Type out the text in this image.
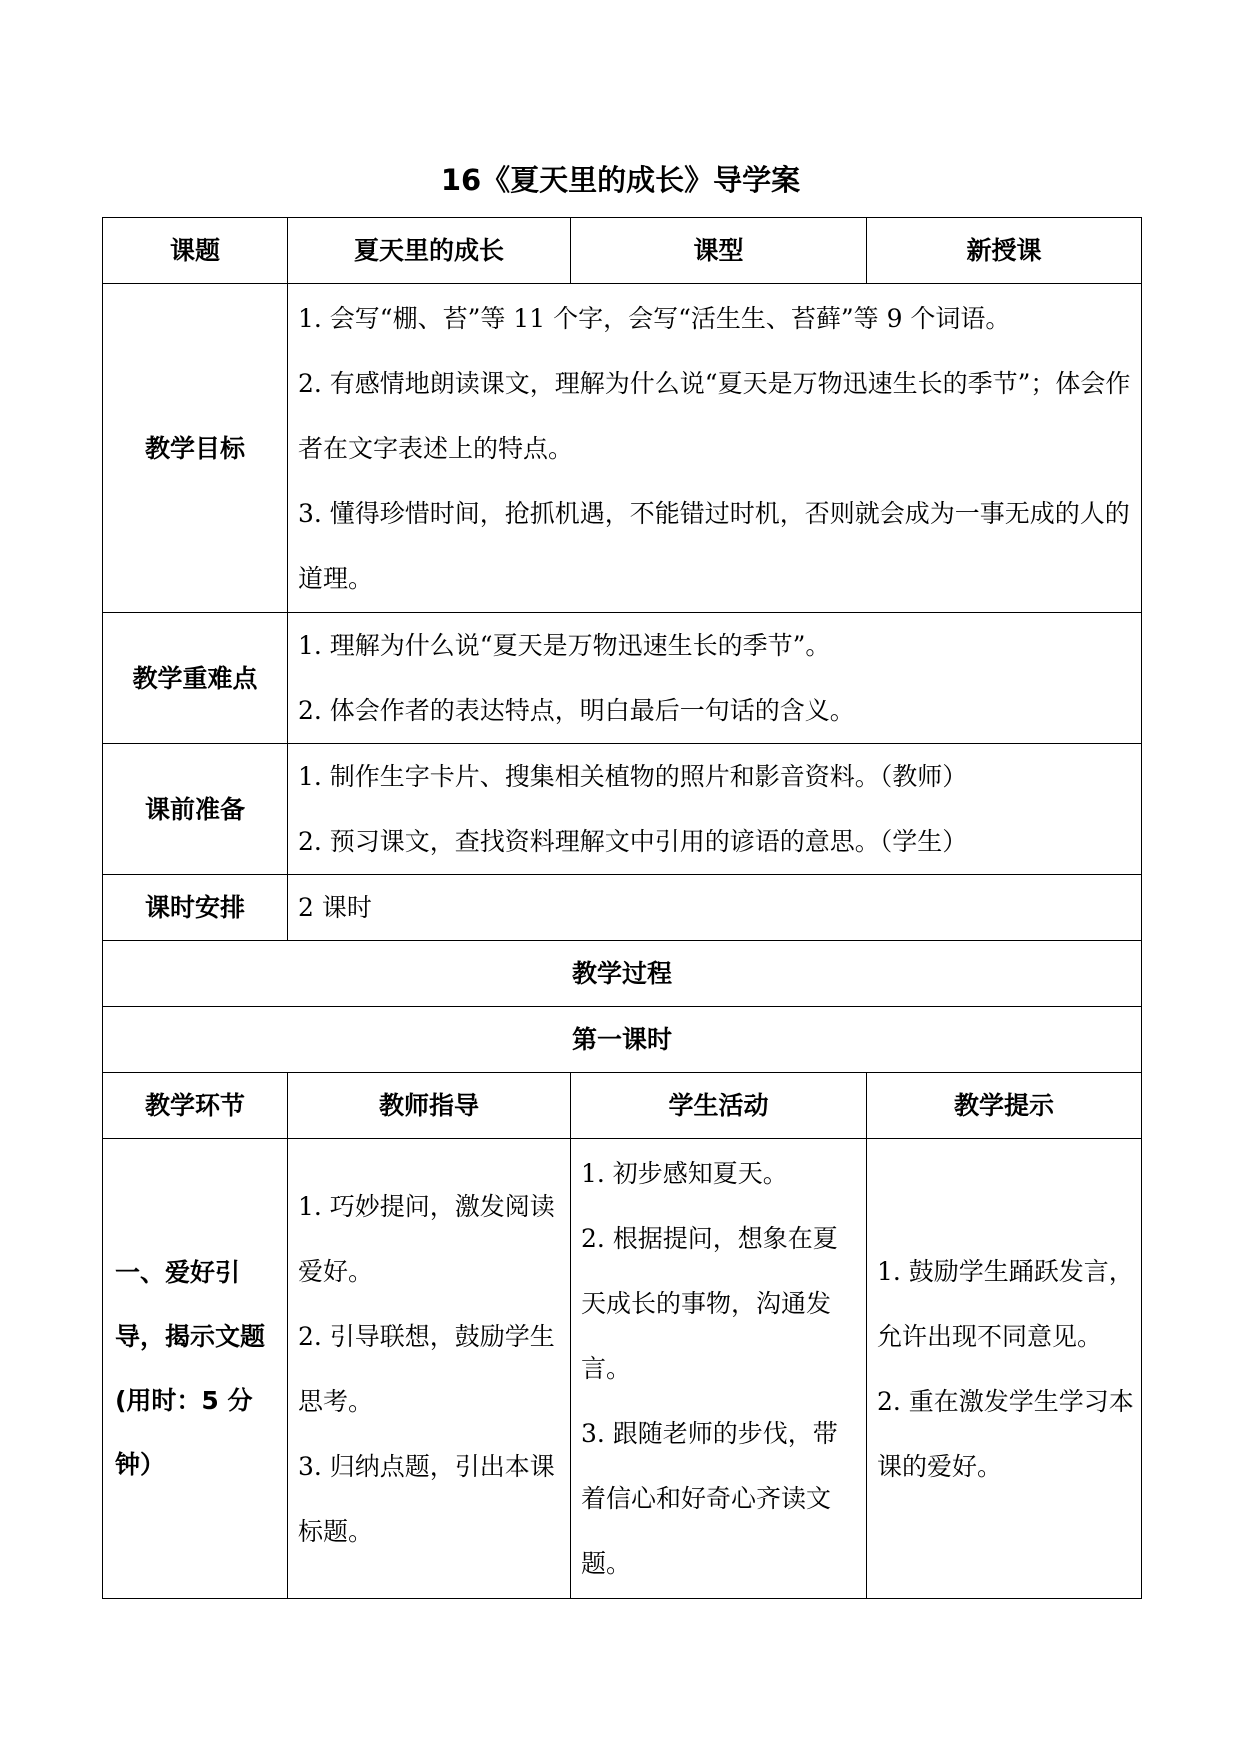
16《夏天里的成长》导学案
课题	夏天里的成长	课型	新授课
教学目标	1. 会写“棚、苔”等 11 个字，会写“活生生、苔藓”等 9 个词语。
2. 有感情地朗读课文，理解为什么说“夏天是万物迅速生长的季节”；体会作者在文字表述上的特点。
3. 懂得珍惜时间，抢抓机遇，不能错过时机，否则就会成为一事无成的人的道理。		

教学重难点	1. 理解为什么说“夏天是万物迅速生长的季节”。
2. 体会作者的表达特点，明白最后一句话的含义。		

课前准备	1. 制作生字卡片、搜集相关植物的照片和影音资料。（教师）
2. 预习课文，查找资料理解文中引用的谚语的意思。（学生）		

课时安排	2 课时		
教学过程			
第一课时			
教学环节	教师指导	学生活动	教学提示
一、爱好引导，揭示文题(用时：5 分钟）	1. 巧妙提问，激发阅读爱好。
2. 引导联想，鼓励学生思考。
3. 归纳点题，引出本课标题。	1. 初步感知夏天。
2. 根据提问，想象在夏天成长的事物，沟通发言。
3. 跟随老师的步伐，带着信心和好奇心齐读文题。	1. 鼓励学生踊跃发言，允许出现不同意见。
2. 重在激发学生学习本课的爱好。
